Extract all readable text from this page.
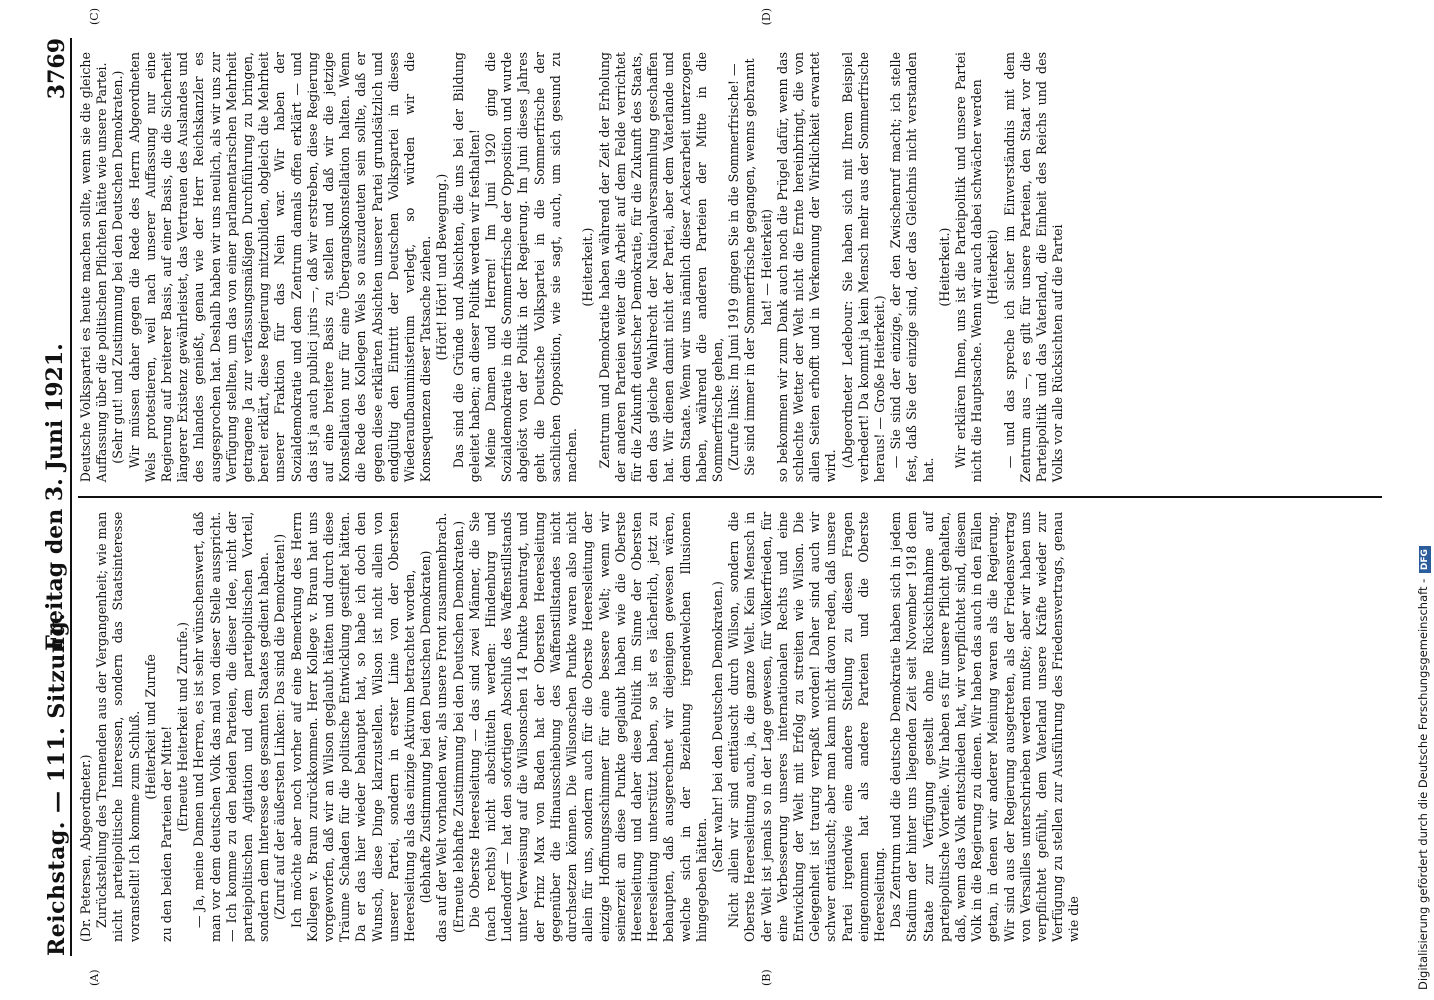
Reichstag. — 111. Sitzung.
Freitag den 3. Juni 1921.
3769

(Dr. Petersen, Abgeordneter.) Zurückstellung des Trennenden aus der Vergangenheit; wie man nicht parteipolitische Interessen, sondern das Staatsinteresse voranstellt! Ich komme zum Schluß. (Heiterkeit und Zurufe zu den beiden Parteien der Mitte! (Erneute Heiterkeit und Zurufe.) — Ja, meine Damen und Herren, es ist sehr wünschenswert, daß man vor dem deutschen Volk das mal von dieser Stelle ausspricht. — Ich komme zu den beiden Parteien, die dieser Idee, nicht der parteipolitischen Agitation und dem parteipolitischen Vorteil, sondern dem Interesse des gesamten Staates gedient haben. (Zuruf auf der äußersten Linken: Das sind die Demokraten!) Ich möchte aber noch vorher auf eine Bemerkung des Herrn Kollegen v. Braun zurückkommen. Herr Kollege v. Braun hat uns vorgeworfen, daß wir an Wilson geglaubt hätten und durch diese Träume Schaden für die politische Entwicklung gestiftet hätten. Da er das hier wieder behauptet hat, so habe ich doch den Wunsch, diese Dinge klarzustellen. Wilson ist nicht allein von unserer Partei, sondern in erster Linie von der Obersten Heeresleitung als das einzige Aktivum betrachtet worden, (lebhafte Zustimmung bei den Deutschen Demokraten) das auf der Welt vorhanden war, als unsere Front zusammenbrach. (Erneute lebhafte Zustimmung bei den Deutschen Demokraten.) Die Oberste Heeresleitung — das sind zwei Männer, die Sie (nach rechts) nicht abschütteln werden: Hindenburg und Ludendorff — hat den sofortigen Abschluß des Waffenstillstands unter Verweisung auf die Wilsonschen 14 Punkte beantragt, und der Prinz Max von Baden hat der Obersten Heeresleitung gegenüber die Hinausschiebung des Waffenstillstandes nicht durchsetzen können. Die Wilsonschen Punkte waren also nicht allein für uns, sondern auch für die Oberste Heeresleitung der einzige Hoffnungsschimmer für eine bessere Welt; wenn wir seinerzeit an diese Punkte geglaubt haben wie die Oberste Heeresleitung und daher diese Politik im Sinne der Obersten Heeresleitung unterstützt haben, so ist es lächerlich, jetzt zu behaupten, daß ausgerechnet wir diejenigen gewesen wären, welche sich in der Beziehung irgendwelchen Illusionen hingegeben hätten.

(Sehr wahr! bei den Deutschen Demokraten.) Nicht allein wir sind enttäuscht durch Wilson, sondern die Oberste Heeresleitung auch, ja, die ganze Welt. Kein Mensch in der Welt ist jemals so in der Lage gewesen, für Völkerfrieden, für eine Verbesserung unseres internationalen Rechts und eine Entwicklung der Welt mit Erfolg zu streiten wie Wilson. Die Gelegenheit ist traurig verpaßt worden! Daher sind auch wir schwer enttäuscht; aber man kann nicht davon reden, daß unsere Partei irgendwie eine andere Stellung zu diesen Fragen eingenommen hat als andere Parteien und die Oberste Heeresleitung. Das Zentrum und die deutsche Demokratie haben sich in jedem Stadium der hinter uns liegenden Zeit seit November 1918 dem Staate zur Verfügung gestellt ohne Rücksichtnahme auf parteipolitische Vorteile. Wir haben es für unsere Pflicht gehalten, daß, wenn das Volk entschieden hat, wir verpflichtet sind, diesem Volk in die Regierung zu dienen. Wir haben das auch in den Fällen getan, in denen wir anderer Meinung waren als die Regierung. Wir sind aus der Regierung ausgetreten, als der Friedensvertrag von Versailles unterschrieben werden mußte; aber wir haben uns verpflichtet gefühlt, dem Vaterland unsere Kräfte wieder zur Verfügung zu stellen zur Ausführung des Friedensvertrags, genau wie die

Deutsche Volkspartei es heute machen sollte, wenn sie die gleiche Auffassung über die politischen Pflichten hätte wie unsere Partei. (Sehr gut! und Zustimmung bei den Deutschen Demokraten.) Wir müssen daher gegen die Rede des Herrn Abgeordneten Wels protestieren, weil nach unserer Auffassung nur eine Regierung auf breiterer Basis, auf einer Basis, die die Sicherheit längerer Existenz gewährleistet, das Vertrauen des Auslandes und des Inlandes genießt, genau wie der Herr Reichskanzler es ausgesprochen hat. Deshalb haben wir uns neulich, als wir uns zur Verfügung stellten, um das von einer parlamentarischen Mehrheit getragene Ja zur verfassungsmäßigen Durchführung zu bringen, bereit erklärt, diese Regierung mitzubilden, obgleich die Mehrheit unserer Fraktion für das Nein war. Wir haben der Sozialdemokratie und dem Zentrum damals offen erklärt — und das ist ja auch publici juris —, daß wir erstreben, diese Regierung auf eine breitere Basis zu stellen und daß wir die jetzige Konstellation nur für eine Übergangskonstellation halten. Wenn die Rede des Kollegen Wels so auszudeuten sein sollte, daß er gegen diese erklärten Absichten unserer Partei grundsätzlich und endgültig den Eintritt der Deutschen Volkspartei in dieses Wiederaufbauministerium verlegt, so würden wir die Konsequenzen dieser Tatsache ziehen. (Hört! Hört! und Bewegung.) Das sind die Gründe und Absichten, die uns bei der Bildung geleitet haben; an dieser Politik werden wir festhalten! Meine Damen und Herren! Im Juni 1920 ging die Sozialdemokratie in die Sommerfrische der Opposition und wurde abgelöst von der Politik in der Regierung. Im Juni dieses Jahres geht die Deutsche Volkspartei in die Sommerfrische der sachlichen Opposition, wie sie sagt, auch, um sich gesund zu machen.

(Heiterkeit.) Zentrum und Demokratie haben während der Zeit der Erholung der anderen Parteien weiter die Arbeit auf dem Felde verrichtet für die Zukunft deutscher Demokratie, für die Zukunft des Staats, den das gleiche Wahlrecht der Nationalversammlung geschaffen hat. Wir dienen damit nicht der Partei, aber dem Vaterlande und dem Staate. Wenn wir uns nämlich dieser Ackerarbeit unterzogen haben, während die anderen Parteien der Mitte in die Sommerfrische gehen, (Zurufe links: Im Juni 1919 gingen Sie in die Sommerfrische! — Sie sind immer in der Sommerfrische gegangen, wenns gebrannt hat! — Heiterkeit) so bekommen wir zum Dank auch noch die Prügel dafür, wenn das schlechte Wetter der Welt nicht die Ernte hereinbringt, die von allen Seiten erhofft und in Verkennung der Wirklichkeit erwartet wird. (Abgeordneter Ledebour: Sie haben sich mit Ihrem Beispiel verhedert! Da kommt ja kein Mensch mehr aus der Sommerfrische heraus! — Große Heiterkeit.) — Sie sind der einzige, der den Zwischenruf macht; ich stelle fest, daß Sie der einzige sind, der das Gleichnis nicht verstanden hat.

(Heiterkeit.) Wir erklären Ihnen, uns ist die Parteipolitik und unsere Partei nicht die Hauptsache. Wenn wir auch dabei schwächer werden (Heiterkeit) — und das spreche ich sicher im Einverständnis mit dem Zentrum aus —, es gilt für unsere Parteien, den Staat vor die Parteipolitik und das Vaterland, die Einheit des Reichs und des Volks vor alle Rücksichten auf die Partei

(A)	(B)
(C)	(D)
Digitalisierung gefördert durch die Deutsche Forschungsgemeinschaft - DFG
